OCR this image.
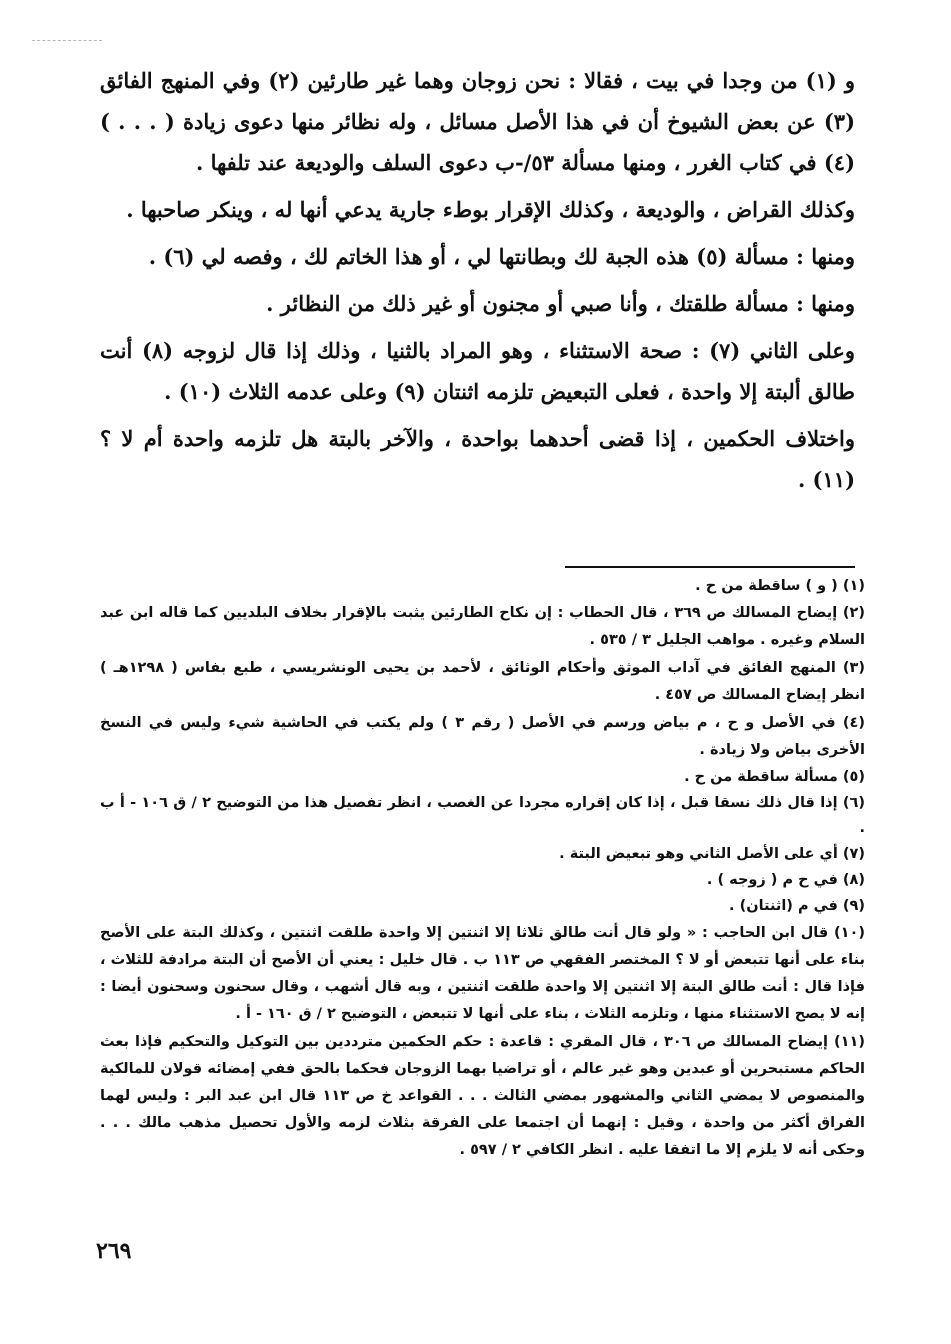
و (١) من وجدا في بيت ، فقالا : نحن زوجان وهما غير طارئين (٢) وفي المنهج الفائق (٣) عن بعض الشيوخ أن في هذا الأصل مسائل ، وله نظائر منها دعوى زيادة ( . . . ) (٤) في كتاب الغرر ، ومنها مسألة ٥٣/-ب دعوى السلف والوديعة عند تلفها .

وكذلك القراض ، والوديعة ، وكذلك الإقرار بوطء جارية يدعي أنها له ، وينكر صاحبها .

ومنها : مسألة (٥) هذه الجبة لك وبطانتها لي ، أو هذا الخاتم لك ، وفصه لي (٦) .

ومنها : مسألة طلقتك ، وأنا صبي أو مجنون أو غير ذلك من النظائر .

وعلى الثاني (٧) : صحة الاستثناء ، وهو المراد بالثنيا ، وذلك إذا قال لزوجه (٨) أنت طالق ألبتة إلا واحدة ، فعلى التبعيض تلزمه اثنتان (٩) وعلى عدمه الثلاث (١٠) .

واختلاف الحكمين ، إذا قضى أحدهما بواحدة ، والآخر بالبتة هل تلزمه واحدة أم لا ؟ (١١) .

(١) ( و ) ساقطة من ح .
(٢) إيضاح المسالك ص ٣٦٩ ، قال الحطاب : إن نكاح الطارئين يثبت بالإقرار بخلاف البلديين كما قاله ابن عبد السلام وغيره . مواهب الجليل ٣ / ٥٣٥ .
(٣) المنهج الفائق في آداب الموثق وأحكام الوثائق ، لأحمد بن يحيى الونشريسي ، طبع بفاس ( ١٢٩٨هـ ) انظر إيضاح المسالك ص ٤٥٧ .
(٤) في الأصل و ح ، م بياض ورسم في الأصل ( رقم ٣ ) ولم يكتب في الحاشية شيء وليس في النسخ الأخرى بياض ولا زيادة .
(٥) مسألة ساقطة من ح .
(٦) إذا قال ذلك نسقا قبل ، إذا كان إقراره مجردا عن الغصب ، انظر تفصيل هذا من التوضيح ٢ / ق ١٠٦ - أ ب .
(٧) أي على الأصل الثاني وهو تبعيض البتة .
(٨) في ح م ( زوجه ) .
(٩) في م (اثنتان) .
(١٠) قال ابن الحاجب : « ولو قال أنت طالق ثلاثا إلا اثنتين إلا واحدة طلقت اثنتين ، وكذلك البتة على الأصح بناء على أنها تتبعض أو لا ؟ المختصر الفقهي ص ١١٣ ب . قال خليل : يعني أن الأصح أن البتة مرادفة للثلاث ، فإذا قال : أنت طالق البتة إلا اثنتين إلا واحدة طلقت اثنتين ، وبه قال أشهب ، وقال سحنون وسحنون أيضا : إنه لا يصح الاستثناء منها ، وتلزمه الثلاث ، بناء على أنها لا تتبعض ، التوضيح ٢ / ق ١٦٠ - أ .
(١١) إيضاح المسالك ص ٣٠٦ ، قال المقري : قاعدة : حكم الحكمين مترددين بين التوكيل والتحكيم فإذا بعث الحاكم مستبحرين أو عبدين وهو غير عالم ، أو تراضيا بهما الزوجان فحكما بالحق ففي إمضائه قولان للمالكية والمنصوص لا يمضي الثاني والمشهور بمضي الثالث . . . القواعد خ ص ١١٣ قال ابن عبد البر : وليس لهما الفراق أكثر من واحدة ، وقيل : إنهما أن اجتمعا على الفرقة بثلاث لزمه والأول تحصيل مذهب مالك . . . وحكى أنه لا يلزم إلا ما اتفقا عليه . انظر الكافي ٢ / ٥٩٧ .
٢٦٩
